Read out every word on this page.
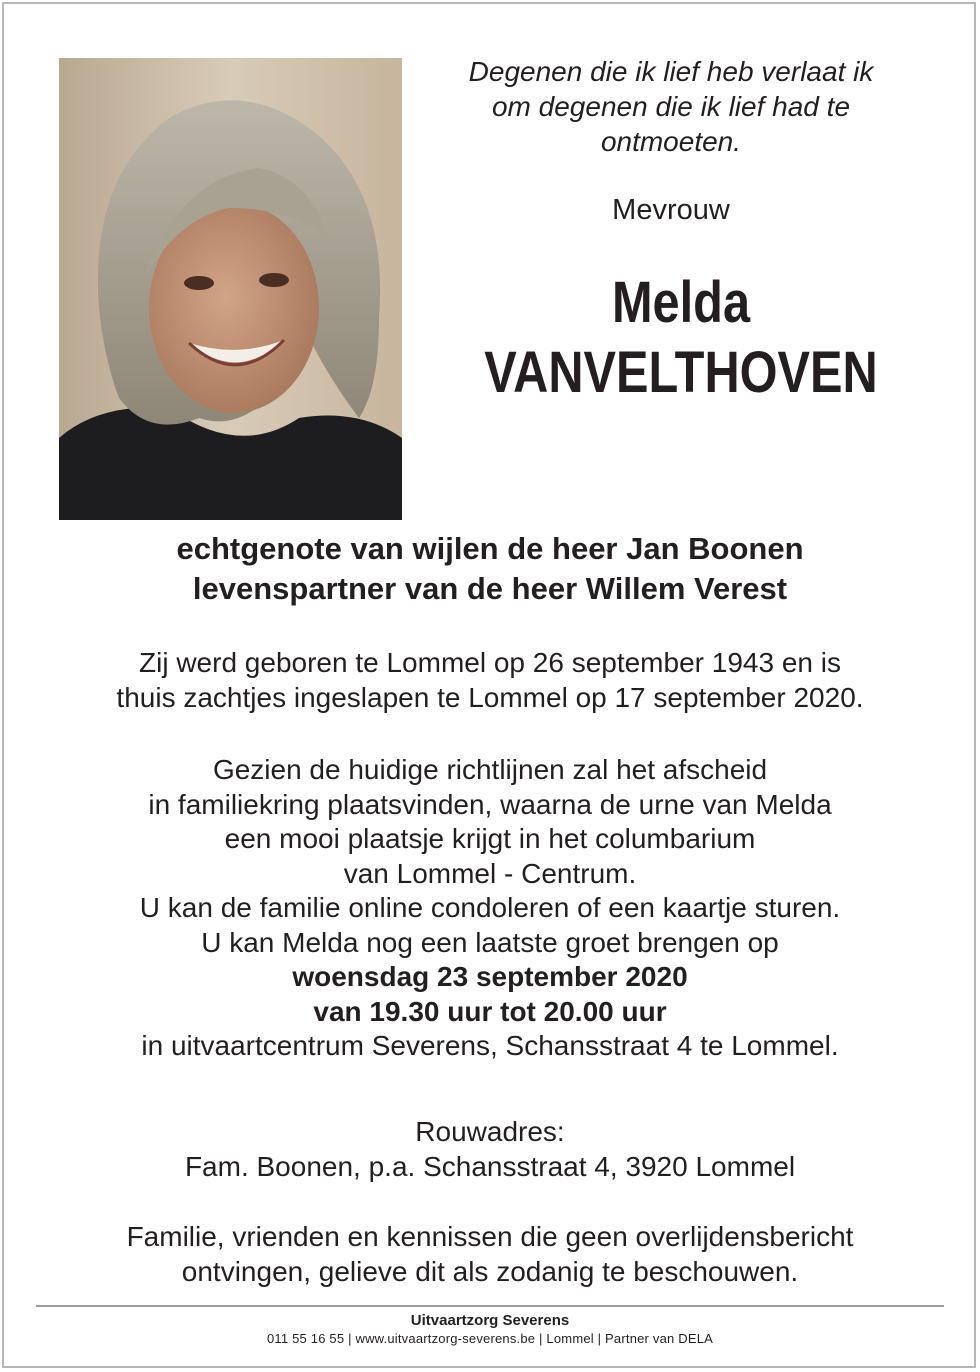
Degenen die ik lief heb verlaat ik
om degenen die ik lief had te
ontmoeten.
Mevrouw
Melda
VANVELTHOVEN
echtgenote van wijlen de heer Jan Boonen
levenspartner van de heer Willem Verest
Zij werd geboren te Lommel op 26 september 1943 en is
thuis zachtjes ingeslapen te Lommel op 17 september 2020.
Gezien de huidige richtlijnen zal het afscheid
in familiekring plaatsvinden, waarna de urne van Melda
een mooi plaatsje krijgt in het columbarium
van Lommel - Centrum.
U kan de familie online condoleren of een kaartje sturen.
U kan Melda nog een laatste groet brengen op
woensdag 23 september 2020
van 19.30 uur tot 20.00 uur
in uitvaartcentrum Severens, Schansstraat 4 te Lommel.
Rouwadres:
Fam. Boonen, p.a. Schansstraat 4, 3920 Lommel
Familie, vrienden en kennissen die geen overlijdensbericht
ontvingen, gelieve dit als zodanig te beschouwen.
Uitvaartzorg Severens
011 55 16 55 | www.uitvaartzorg-severens.be | Lommel | Partner van DELA
